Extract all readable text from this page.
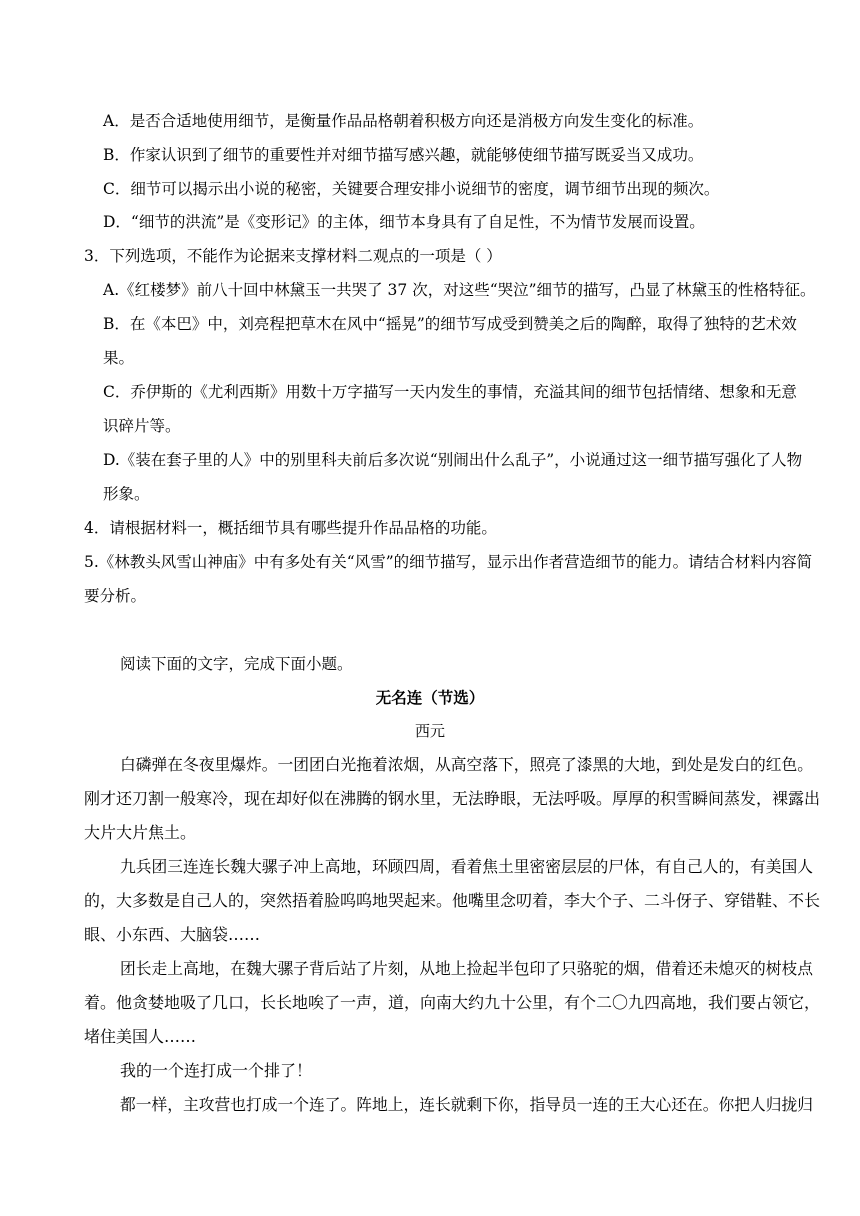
A．是否合适地使用细节，是衡量作品品格朝着积极方向还是消极方向发生变化的标准。
B．作家认识到了细节的重要性并对细节描写感兴趣，就能够使细节描写既妥当又成功。
C．细节可以揭示出小说的秘密，关键要合理安排小说细节的密度，调节细节出现的频次。
D．“细节的洪流”是《变形记》的主体，细节本身具有了自足性，不为情节发展而设置。
3．下列选项，不能作为论据来支撑材料二观点的一项是（ ）
A.《红楼梦》前八十回中林黛玉一共哭了 37 次，对这些“哭泣”细节的描写，凸显了林黛玉的性格特征。
B．在《本巴》中，刘亮程把草木在风中“摇晃”的细节写成受到赞美之后的陶醉，取得了独特的艺术效
果。
C．乔伊斯的《尤利西斯》用数十万字描写一天内发生的事情，充溢其间的细节包括情绪、想象和无意
识碎片等。
D.《装在套子里的人》中的别里科夫前后多次说“别闹出什么乱子”，小说通过这一细节描写强化了人物
形象。
4．请根据材料一，概括细节具有哪些提升作品品格的功能。
5.《林教头风雪山神庙》中有多处有关“风雪”的细节描写，显示出作者营造细节的能力。请结合材料内容简
要分析。
阅读下面的文字，完成下面小题。
无名连（节选）
西元
白磷弹在冬夜里爆炸。一团团白光拖着浓烟，从高空落下，照亮了漆黑的大地，到处是发白的红色。
刚才还刀割一般寒冷，现在却好似在沸腾的钢水里，无法睁眼，无法呼吸。厚厚的积雪瞬间蒸发，裸露出
大片大片焦土。
九兵团三连连长魏大骡子冲上高地，环顾四周，看着焦土里密密层层的尸体，有自己人的，有美国人
的，大多数是自己人的，突然捂着脸呜呜地哭起来。他嘴里念叨着，李大个子、二斗伢子、穿错鞋、不长
眼、小东西、大脑袋……
团长走上高地，在魏大骡子背后站了片刻，从地上捡起半包印了只骆驼的烟，借着还未熄灭的树枝点
着。他贪婪地吸了几口，长长地唉了一声，道，向南大约九十公里，有个二〇九四高地，我们要占领它，
堵住美国人……
我的一个连打成一个排了！
都一样，主攻营也打成一个连了。阵地上，连长就剩下你，指导员一连的王大心还在。你把人归拢归
